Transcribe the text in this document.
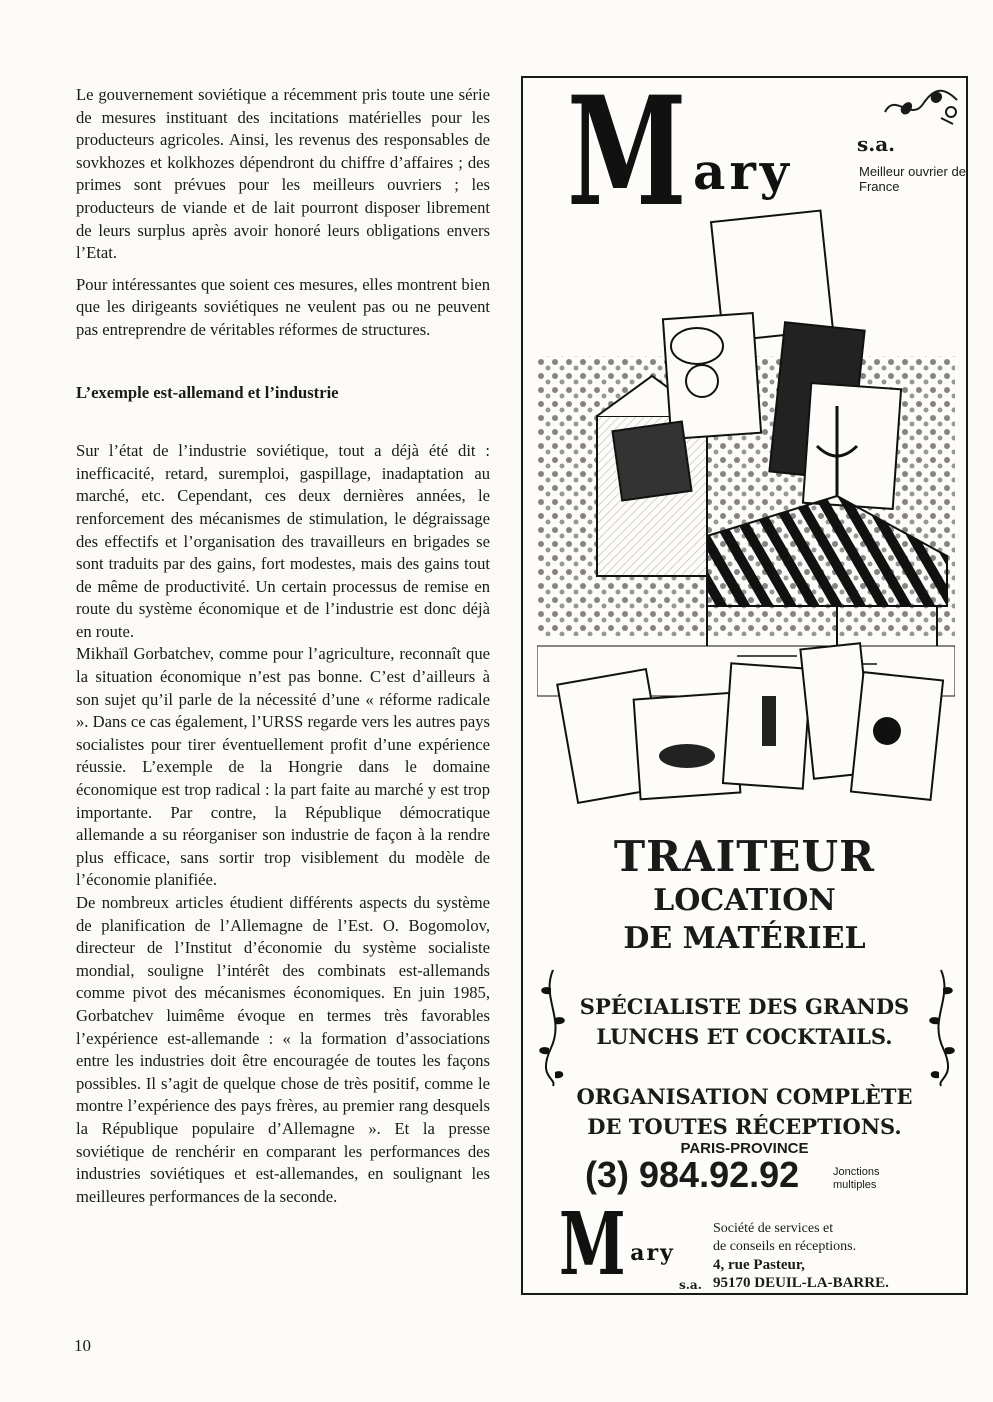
Le gouvernement soviétique a récemment pris toute une série de mesures instituant des incitations matérielles pour les producteurs agricoles. Ainsi, les revenus des responsables de sovkhozes et kolkhozes dépendront du chiffre d’affaires ; des primes sont prévues pour les meilleurs ouvriers ; les producteurs de viande et de lait pourront disposer librement de leurs surplus après avoir honoré leurs obligations envers l’Etat.

Pour intéressantes que soient ces mesures, elles montrent bien que les dirigeants soviétiques ne veulent pas ou ne peuvent pas entreprendre de véritables réformes de structures.

L’exemple est-allemand et l’industrie

Sur l’état de l’industrie soviétique, tout a déjà été dit : inefficacité, retard, suremploi, gaspillage, inadaptation au marché, etc. Cependant, ces deux dernières années, le renforcement des mécanismes de stimulation, le dégraissage des effectifs et l’organisation des travailleurs en brigades se sont traduits par des gains, fort modestes, mais des gains tout de même de productivité. Un certain processus de remise en route du système économique et de l’industrie est donc déjà en route.

Mikhaïl Gorbatchev, comme pour l’agriculture, reconnaît que la situation économique n’est pas bonne. C’est d’ailleurs à son sujet qu’il parle de la nécessité d’une « réforme radicale ». Dans ce cas également, l’URSS regarde vers les autres pays socialistes pour tirer éventuellement profit d’une expérience réussie. L’exemple de la Hongrie dans le domaine économique est trop radical : la part faite au marché y est trop importante. Par contre, la République démocratique allemande a su réorganiser son industrie de façon à la rendre plus efficace, sans sortir trop visiblement du modèle de l’économie planifiée.

De nombreux articles étudient différents aspects du système de planification de l’Allemagne de l’Est. O. Bogomolov, directeur de l’Institut d’économie du système socialiste mondial, souligne l’intérêt des combinats est-allemands comme pivot des mécanismes économiques. En juin 1985, Gorbatchev luimême évoque en termes très favorables l’expérience est-allemande : « la formation d’associations entre les industries doit être encouragée de toutes les façons possibles. Il s’agit de quelque chose de très positif, comme le montre l’expérience des pays frères, au premier rang desquels la République populaire d’Allemagne ». Et la presse soviétique de renchérir en comparant les performances des industries soviétiques et est-allemandes, en soulignant les meilleures performances de la seconde.

10
Mary	s.a.
Meilleur ouvrier de France
TRAITEUR
LOCATION
DE MATÉRIEL
SPÉCIALISTE DES GRANDS
LUNCHS ET COCKTAILS.
ORGANISATION COMPLÈTE
DE TOUTES RÉCEPTIONS.
PARIS-PROVINCE
(3) 984.92.92	Jonctions
multiples
M ary
s.a.
Société de services et
de conseils en réceptions.
4, rue Pasteur,
95170 DEUIL-LA-BARRE.
